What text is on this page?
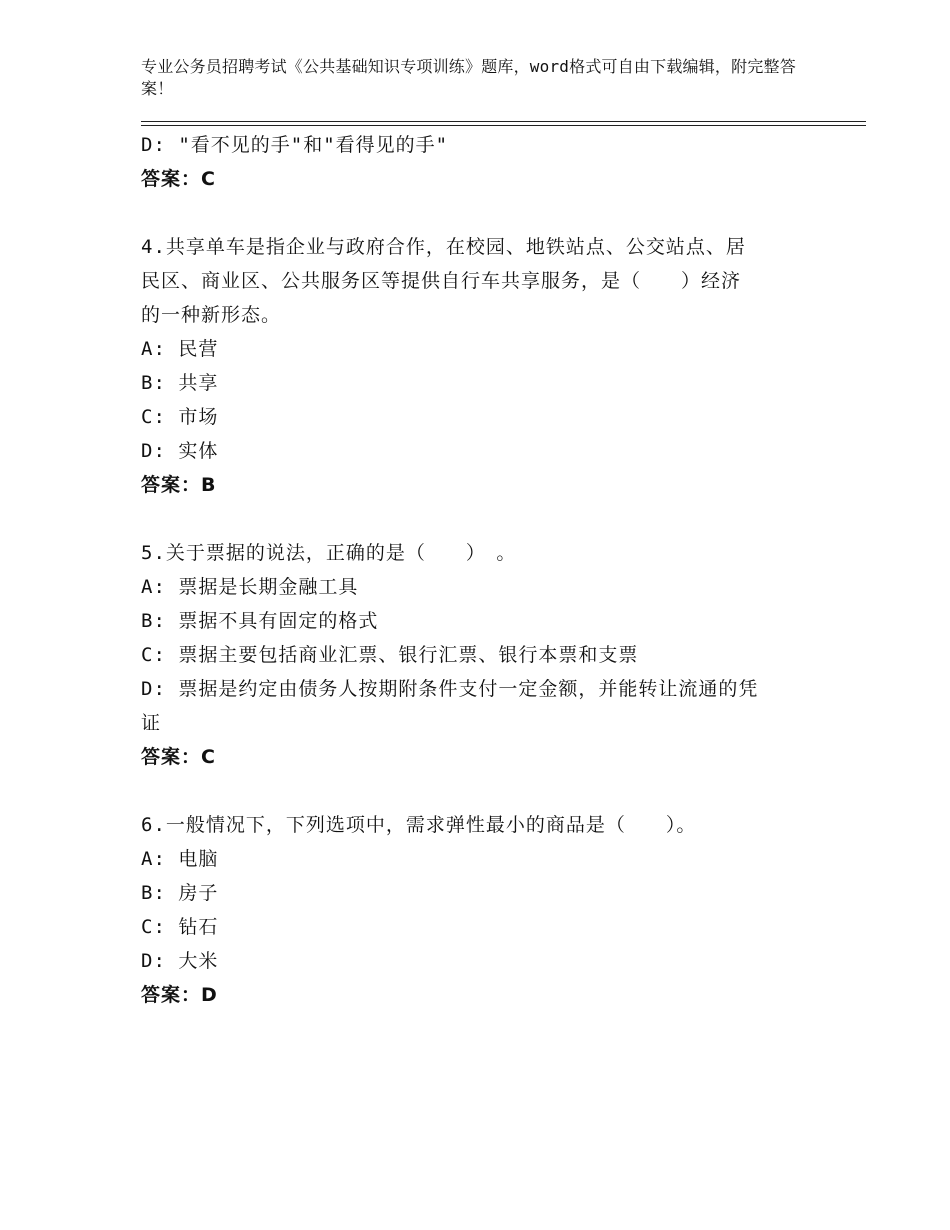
专业公务员招聘考试《公共基础知识专项训练》题库，word格式可自由下载编辑，附完整答案！
D: "看不见的手"和"看得见的手"
答案：C
4.共享单车是指企业与政府合作，在校园、地铁站点、公交站点、居
民区、商业区、公共服务区等提供自行车共享服务，是（　　）经济
的一种新形态。
A: 民营
B: 共享
C: 市场
D: 实体
答案：B
5.关于票据的说法，正确的是（　　）　。
A: 票据是长期金融工具
B: 票据不具有固定的格式
C: 票据主要包括商业汇票、银行汇票、银行本票和支票
D: 票据是约定由债务人按期附条件支付一定金额，并能转让流通的凭
证
答案：C
6.一般情况下，下列选项中，需求弹性最小的商品是（　　）。
A: 电脑
B: 房子
C: 钻石
D: 大米
答案：D
